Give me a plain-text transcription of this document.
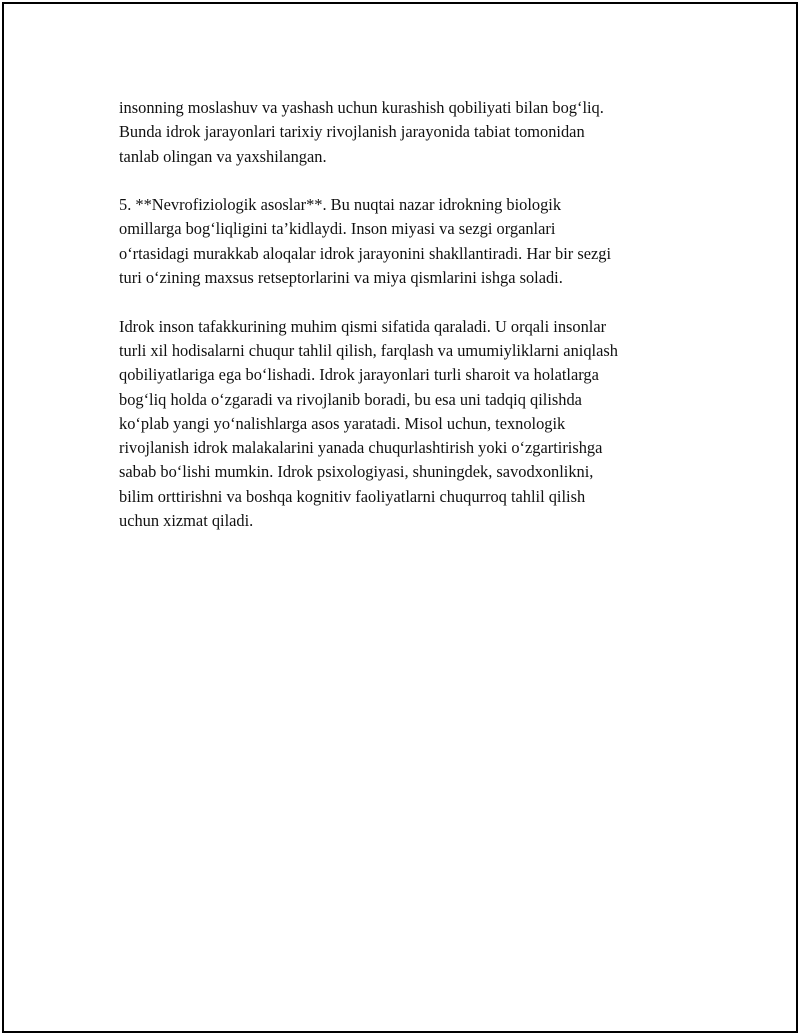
insonning moslashuv va yashash uchun kurashish qobiliyati bilan bog‘liq.
Bunda idrok jarayonlari tarixiy rivojlanish jarayonida tabiat tomonidan
tanlab olingan va yaxshilangan.

5. **Nevrofiziologik asoslar**. Bu nuqtai nazar idrokning biologik
omillarga bog‘liqligini ta’kidlaydi. Inson miyasi va sezgi organlari
o‘rtasidagi murakkab aloqalar idrok jarayonini shakllantiradi. Har bir sezgi
turi o‘zining maxsus retseptorlarini va miya qismlarini ishga soladi.

Idrok inson tafakkurining muhim qismi sifatida qaraladi. U orqali insonlar
turli xil hodisalarni chuqur tahlil qilish, farqlash va umumiyliklarni aniqlash
qobiliyatlariga ega bo‘lishadi. Idrok jarayonlari turli sharoit va holatlarga
bog‘liq holda o‘zgaradi va rivojlanib boradi, bu esa uni tadqiq qilishda
ko‘plab yangi yo‘nalishlarga asos yaratadi. Misol uchun, texnologik
rivojlanish idrok malakalarini yanada chuqurlashtirish yoki o‘zgartirishga
sabab bo‘lishi mumkin. Idrok psixologiyasi, shuningdek, savodxonlikni,
bilim orttirishni va boshqa kognitiv faoliyatlarni chuqurroq tahlil qilish
uchun xizmat qiladi.
